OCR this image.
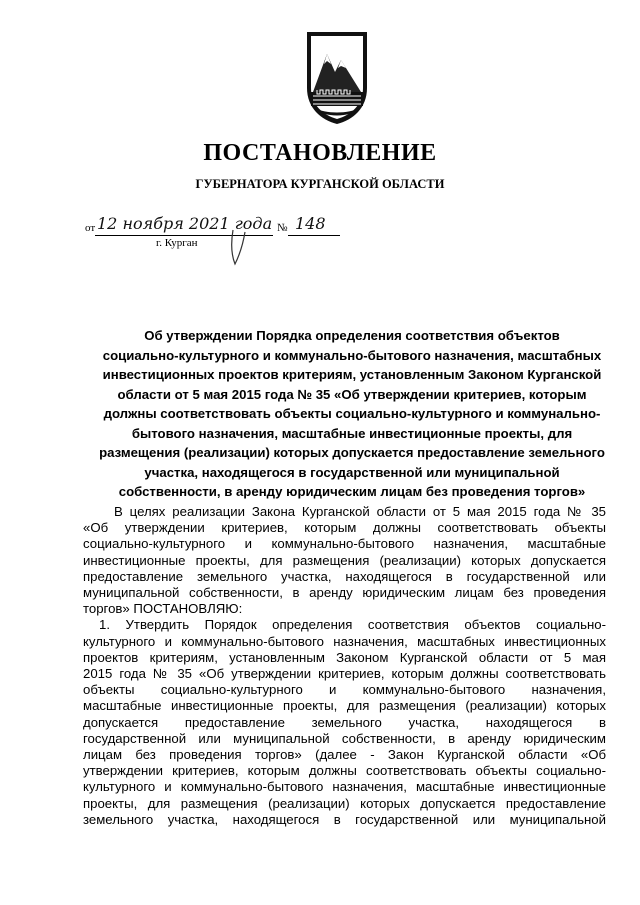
ПОСТАНОВЛЕНИЕ
ГУБЕРНАТОРА КУРГАНСКОЙ ОБЛАСТИ
от 12 ноября 2021 года № 148
г. Курган

Об утверждении Порядка определения соответствия объектов

социально-культурного и коммунально-бытового назначения, масштабных

инвестиционных проектов критериям, установленным Законом Курганской

области от 5 мая 2015 года № 35 «Об утверждении критериев, которым

должны соответствовать объекты социально-культурного и коммунально-

бытового назначения, масштабные инвестиционные проекты, для

размещения (реализации) которых допускается предоставление земельного

участка, находящегося в государственной или муниципальной

собственности, в аренду юридическим лицам без проведения торгов»

В целях реализации Закона Курганской области от 5 мая 2015 года № 35
«Об утверждении критериев, которым должны соответствовать объекты
социально-культурного и коммунально-бытового назначения, масштабные
инвестиционные проекты, для размещения (реализации) которых допускается
предоставление земельного участка, находящегося в государственной или
муниципальной собственности, в аренду юридическим лицам без проведения
торгов» ПОСТАНОВЛЯЮ:

1. Утвердить Порядок определения соответствия объектов социально-
культурного и коммунально-бытового назначения, масштабных инвестиционных
проектов критериям, установленным Законом Курганской области от 5 мая
2015 года № 35 «Об утверждении критериев, которым должны соответствовать
объекты социально-культурного и коммунально-бытового назначения,
масштабные инвестиционные проекты, для размещения (реализации) которых
допускается предоставление земельного участка, находящегося в
государственной или муниципальной собственности, в аренду юридическим
лицам без проведения торгов» (далее - Закон Курганской области «Об
утверждении критериев, которым должны соответствовать объекты социально-
культурного и коммунально-бытового назначения, масштабные инвестиционные
проекты, для размещения (реализации) которых допускается предоставление
земельного участка, находящегося в государственной или муниципальной
